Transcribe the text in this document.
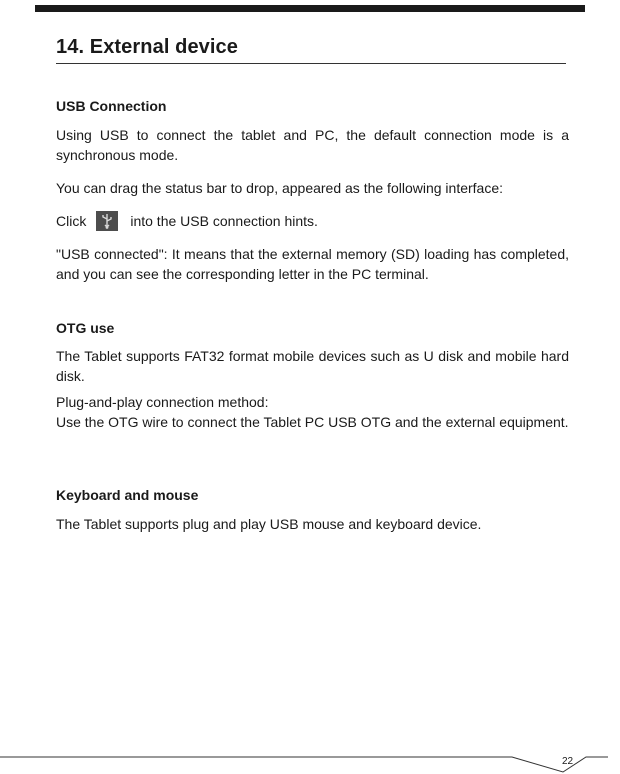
14. External device
USB Connection
Using USB to connect the tablet and PC, the default connection mode is a synchronous mode.
You can drag the status bar to drop, appeared as the following interface:
Click	into the USB connection hints.
"USB connected": It means that the external memory (SD) loading has completed, and you can see the corresponding letter in the PC terminal.
OTG use
The Tablet supports FAT32 format mobile devices such as U disk and mobile hard disk.
Plug-and-play connection method:
Use the OTG wire to connect the Tablet PC USB OTG and the external equipment.
Keyboard and mouse
The Tablet supports plug and play USB mouse and keyboard device.
22
